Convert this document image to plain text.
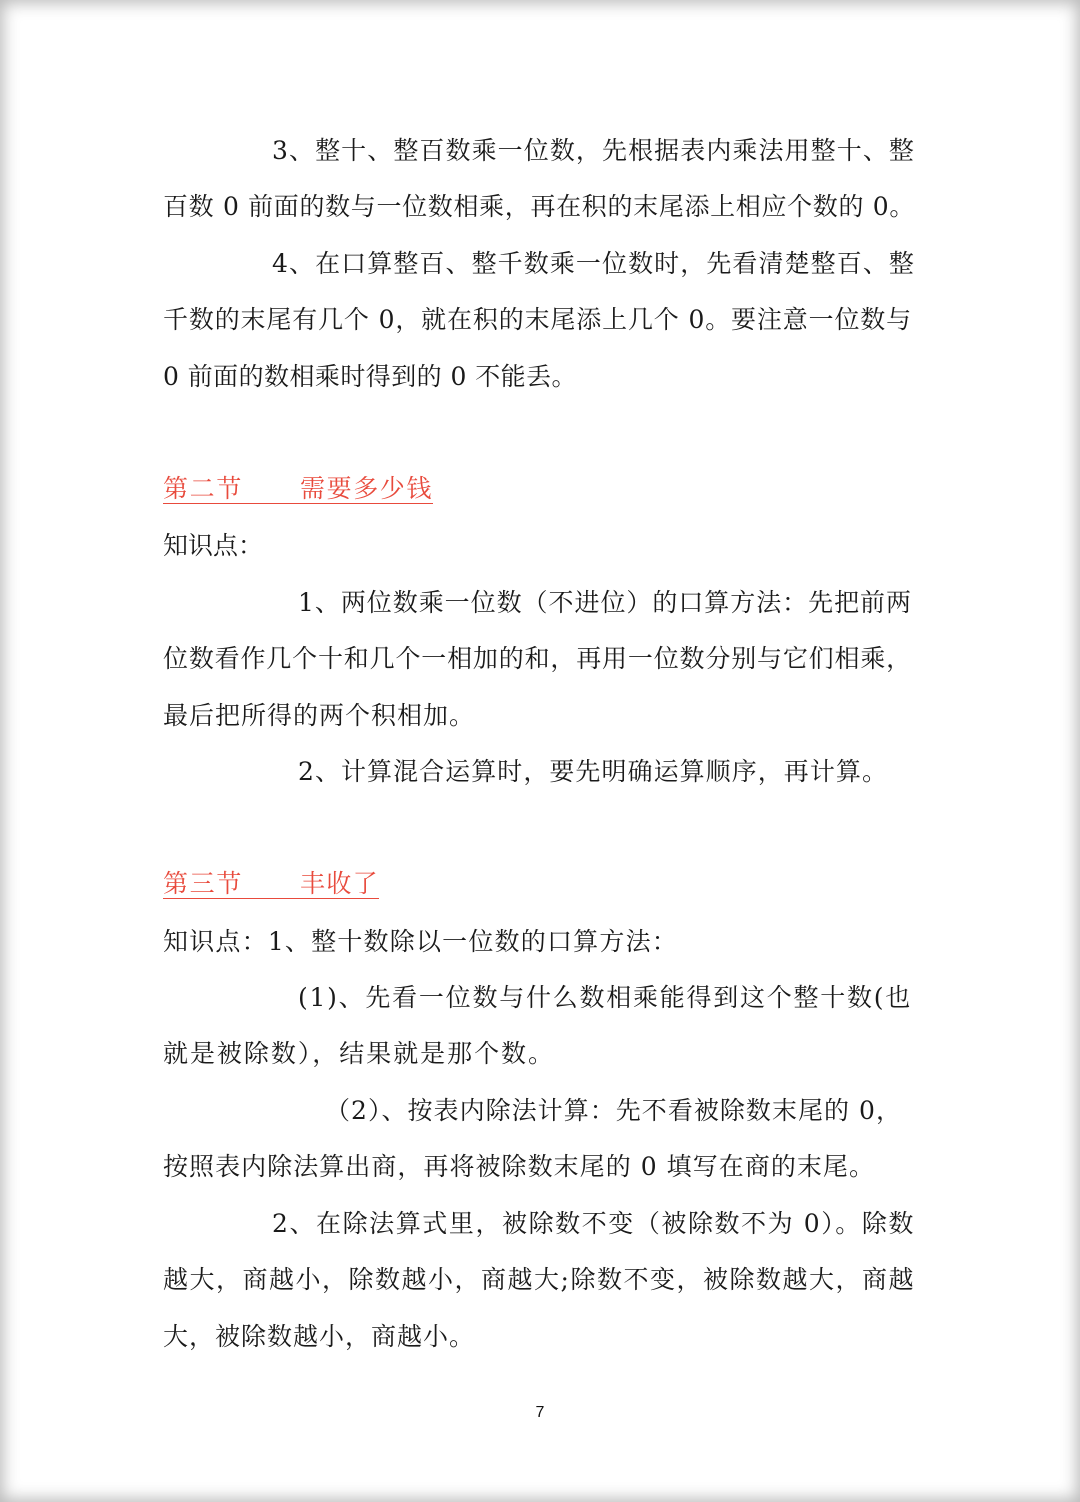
3、整十、整百数乘一位数，先根据表内乘法用整十、整
百数 0 前面的数与一位数相乘，再在积的末尾添上相应个数的 0。
4、在口算整百、整千数乘一位数时，先看清楚整百、整
千数的末尾有几个 0，就在积的末尾添上几个 0。要注意一位数与
0 前面的数相乘时得到的 0 不能丢。
第二节 需要多少钱
知识点：
1、两位数乘一位数（不进位）的口算方法：先把前两
位数看作几个十和几个一相加的和，再用一位数分别与它们相乘，
最后把所得的两个积相加。
2、计算混合运算时，要先明确运算顺序，再计算。
第三节 丰收了
知识点：1、整十数除以一位数的口算方法：
(1)、先看一位数与什么数相乘能得到这个整十数(也
就是被除数），结果就是那个数。
（2）、按表内除法计算：先不看被除数末尾的 0，
按照表内除法算出商，再将被除数末尾的 0 填写在商的末尾。
2、在除法算式里，被除数不变（被除数不为 0）。除数
越大，商越小，除数越小，商越大;除数不变，被除数越大，商越
大，被除数越小，商越小。
7
